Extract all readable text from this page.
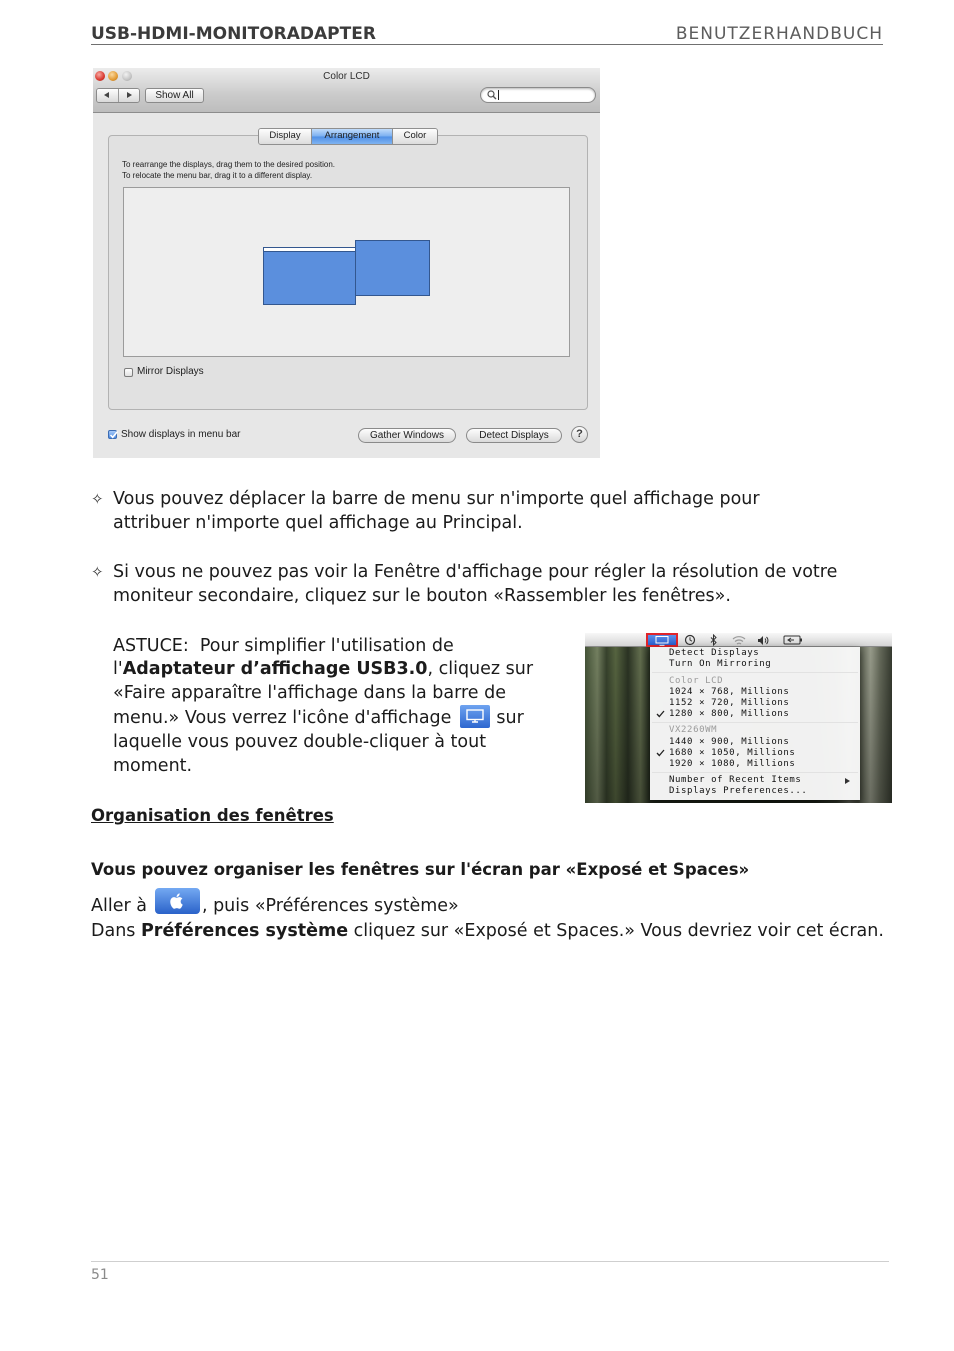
USB-HDMI-MONITORADAPTER	BENUTZERHANDBUCH
Color LCD
Show All
Display	Arrangement	Color
To rearrange the displays, drag them to the desired position.
To relocate the menu bar, drag it to a different display.
Mirror Displays
Show displays in menu bar	Gather Windows	Detect Displays	?
✧ Vous pouvez déplacer la barre de menu sur n'importe quel affichage pour
attribuer n'importe quel affichage au Principal.
✧ Si vous ne pouvez pas voir la Fenêtre d'affichage pour régler la résolution de votre
moniteur secondaire, cliquez sur le bouton «Rassembler les fenêtres».
ASTUCE:  Pour simplifier l'utilisation de
l'Adaptateur d’affichage USB3.0, cliquez sur
«Faire apparaître l'affichage dans la barre de
menu.» Vous verrez l'icône d'affichage	sur
laquelle vous pouvez double-cliquer à tout
moment.
Detect Displays
Turn On Mirroring
Color LCD
1024 × 768, Millions
1152 × 720, Millions
1280 × 800, Millions
VX2260WM
1440 × 900, Millions
1680 × 1050, Millions
1920 × 1080, Millions
Number of Recent Items
Displays Preferences...
Organisation des fenêtres
Vous pouvez organiser les fenêtres sur l'écran par «Exposé et Spaces»
Aller à	, puis «Préférences système»
Dans Préférences système cliquez sur «Exposé et Spaces.» Vous devriez voir cet écran.
51
